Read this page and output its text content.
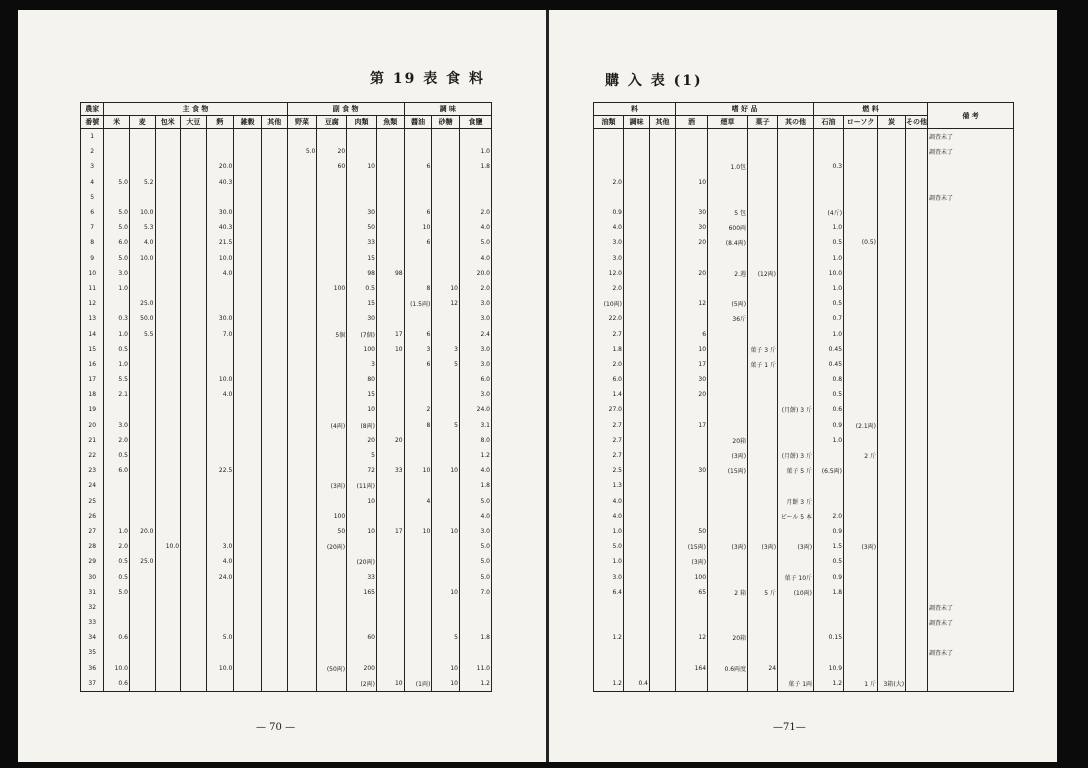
第 19 表 食 料
農家	主 食 物							副 食 物				調 味		
番號	米	麦	包米	大豆	麪	雑穀	其他	野菜	豆腐	肉類	魚類	醬油	砂糖	食鹽
1														
2								5.0	20					1.0
3					20.0				60	10		6		1.8
4	5.0	5.2			40.3									
5														
6	5.0	10.0			30.0					30		6		2.0
7	5.0	5.3			40.3					50		10		4.0
8	6.0	4.0			21.5					33		6		5.0
9	5.0	10.0			10.0					15				4.0
10	3.0				4.0					98	98			20.0
11	1.0								100	0.5		8	10	2.0
12		25.0								15		(1.5両)	12	3.0
13	0.3	50.0			30.0					30				3.0
14	1.0	5.5			7.0				5個	(7個)	17	6		2.4
15	0.5									100	10	3	3	3.0
16	1.0									3		6	5	3.0
17	5.5				10.0					80				6.0
18	2.1				4.0					15				3.0
19										10		2		24.0
20	3.0								(4両)	(8両)		8	5	3.1
21	2.0									20	20			8.0
22	0.5									5				1.2
23	6.0				22.5					72	33	10	10	4.0
24									(3両)	(11両)				1.8
25										10		4		5.0
26									100					4.0
27	1.0	20.0							50	10	17	10	10	3.0
28	2.0		10.0		3.0				(20両)					5.0
29	0.5	25.0			4.0					(20両)				5.0
30	0.5				24.0					33				5.0
31	5.0									165			10	7.0
32														
33														
34	0.6				5.0					60			5	1.8
35														
36	10.0				10.0				(50両)	200			10	11.0
37	0.6									(2両)	10	(1両)	10	1.2
— 70 —
購 入 表 (1)
料			嗜 好 品				燃 料				備 考
油類	調味	其他	酒	煙草	菓子	其の他	石油	ローソク	炭	その他	
											調査未了
											調査未了
				1.0包			0.3				
2.0			10								
											調査未了
0.9			30	5 包			(4斤)				
4.0			30	600両			1.0				
3.0			20	(8.4両)			0.5	(0.5)			
3.0							1.0				
12.0			20	2.週	(12両)		10.0				
2.0							1.0				
(10両)			12	(5両)			0.5				
22.0				36斤			0.7				
2.7			6				1.0				
1.8			10		菓子 3 斤		0.45				
2.0			17		菓子 1 斤		0.45				
6.0			30				0.8				
1.4			20				0.5				
27.0						(月餅) 3 斤	0.6				
2.7			17				0.9	(2.1両)			
2.7				20箱			1.0				
2.7				(3両)		(月餅) 3 斤		2 斤			
2.5			30	(15両)		菓子 5 斤	(6.5両)				
1.3											
4.0						月餅 3 斤					
4.0						ビール 5 本	2.0				
1.0			50				0.9				
5.0			(15両)	(3両)	(3両)	(3両)	1.5	(3両)			
1.0			(3両)				0.5				
3.0			100			菓子 10斤	0.9				
6.4			65	2 箱	5 斤	(10両)	1.8				
											調査未了
											調査未了
1.2			12	20箱			0.15				
											調査未了
			164	0.6両度	24		10.9				
1.2	0.4					菓子 1両	1.2	1 斤	3箱(大)		
—71—
